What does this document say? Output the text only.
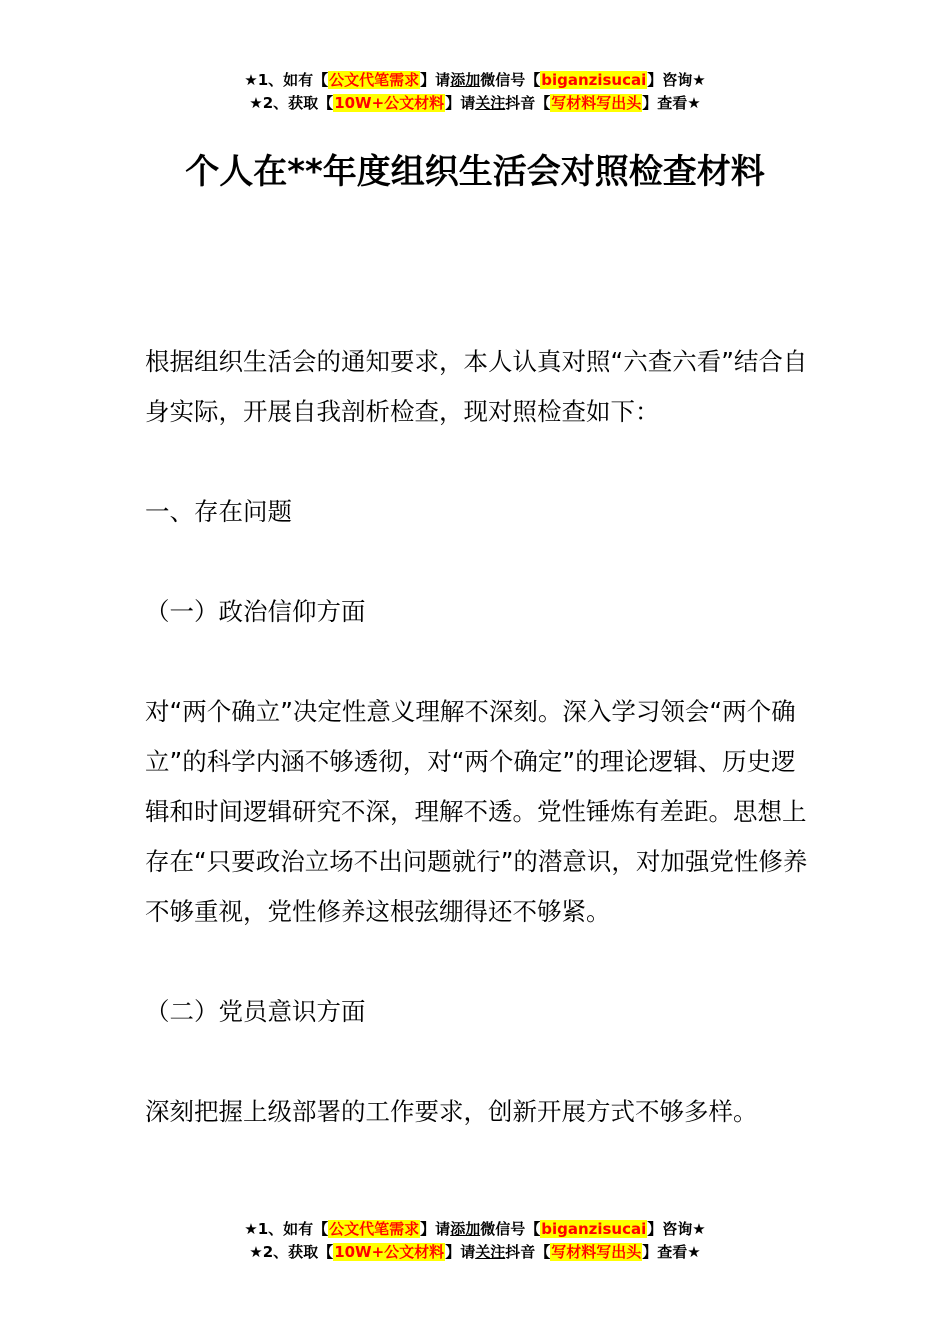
★1、如有【公文代笔需求】请添加微信号【biganzisucai】咨询★
★2、获取【10W+公文材料】请关注抖音【写材料写出头】查看★
个人在**年度组织生活会对照检查材料

根据组织生活会的通知要求，本人认真对照“六查六看”结合自身实际，开展自我剖析检查，现对照检查如下：

一、存在问题

（一）政治信仰方面

对“两个确立”决定性意义理解不深刻。深入学习领会“两个确立”的科学内涵不够透彻，对“两个确定”的理论逻辑、历史逻辑和时间逻辑研究不深，理解不透。党性锤炼有差距。思想上存在“只要政治立场不出问题就行”的潜意识，对加强党性修养不够重视，党性修养这根弦绷得还不够紧。

（二）党员意识方面

深刻把握上级部署的工作要求，创新开展方式不够多样。

★1、如有【公文代笔需求】请添加微信号【biganzisucai】咨询★
★2、获取【10W+公文材料】请关注抖音【写材料写出头】查看★
